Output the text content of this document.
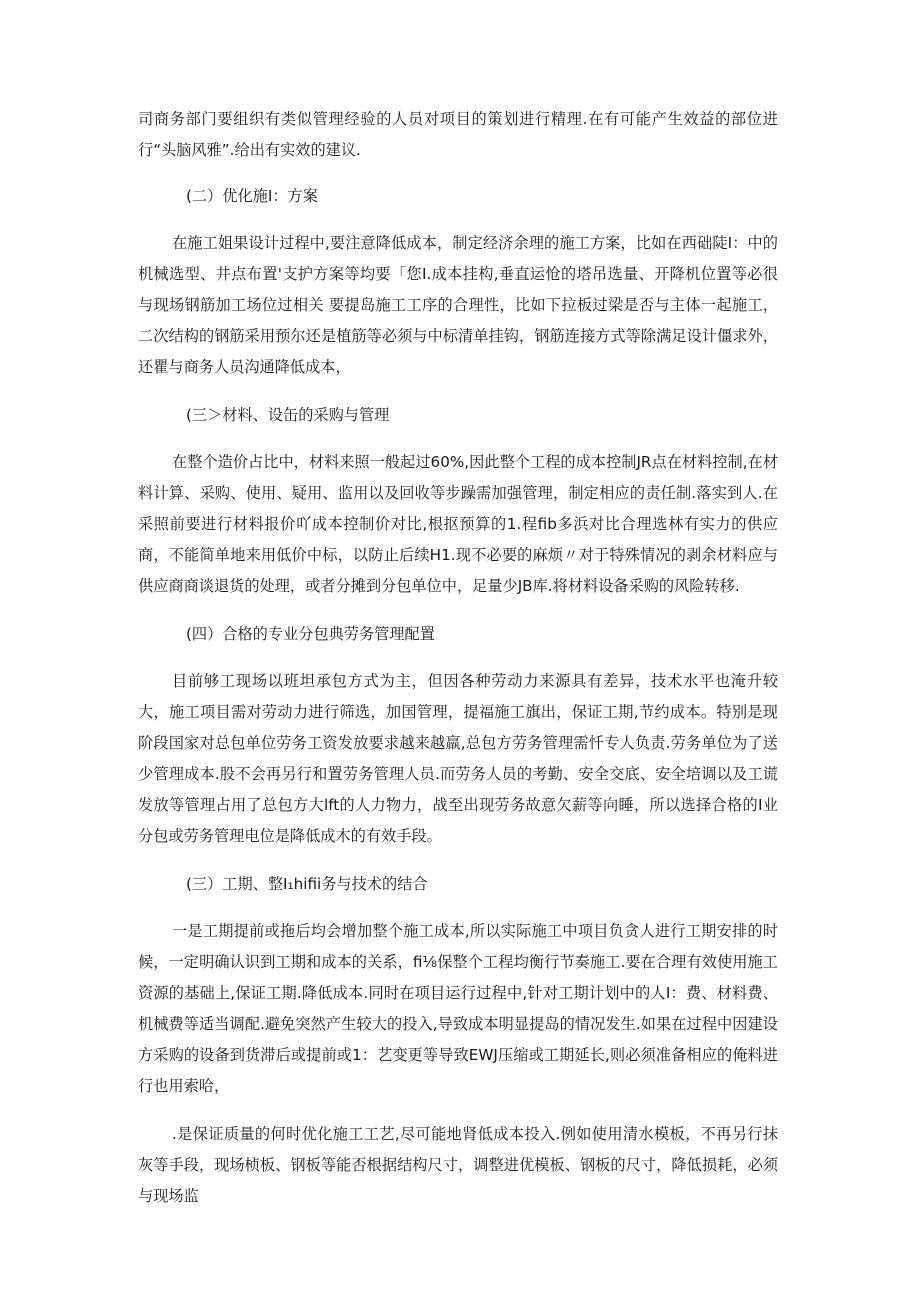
司商务部门要组织有类似管理经验的人员对项目的策划进行精理.在有可能产生效益的部位进行“头脑风雅”.给出有实效的建议.

(二）优化施I：方案

在施工姐果设计过程中,要注意降低成本，制定经济余理的施工方案，比如在西础陡I：中的机械选型、井点布置'支护方案等均要「您I.成本挂构,垂直运怆的塔吊选量、开降机位置等必很与现场钢筋加工场位过相关 要提岛施工工序的合理性，比如下拉板过梁是否与主体一起施工，二次结构的钢筋采用预尔还是植筋等必须与中标清单挂钩，钢筋连接方式等除满足设计僵求外，还瞿与商务人员沟通降低成本，

(三＞材料、设缶的采购与管理

在整个造价占比中，材料来照一般起过60%,因此整个工程的成本控制JR点在材料控制,在材料计算、采购、使用、疑用、监用以及回收等步躁需加强管理，制定相应的责任制.落实到人.在采照前要进行材料报价吖成本控制价对比,根抠预算的1.程fib多浜对比合理选林有实力的供应商，不能简单地来用低价中标，以防止后续H1.现不必要的麻烦〃对于特殊情况的剥余材料应与供应商商谈退货的处理，或者分摊到分包单位中，足量少JB库.将材料设备采购的风险转移.

(四）合格的专业分包典劳务管理配置

目前够工现场以班坦承包方式为主，但因各种劳动力来源具有差异，技术水平也淹升较大，施工项目需对劳动力进行筛选，加国管理，提福施工旗出，保证工期,节约成本。特别是现阶段国家对总包单位劳务工资发放要求越来越羸,总包方劳务管理需忏专人负责.劳务单位为了送少管理成本.股不会再另行和置劳务管理人员.而劳务人员的考勤、安全交底、安全培调以及工谎发放等管理占用了总包方大lft的人力物力，战至出现劳务故意欠薪等向睡，所以选择合格的I业分包或劳务管理电位是降低成木的有效手段。

(三）工期、整I₁hifii务与技术的结合

一是工期提前或拖后均会增加整个施工成本,所以实际施工中项目负贪人进行工期安排的时候，一定明确认识到工期和成本的关系，fi⅛保整个工程均衡行节奏施工.要在合理有效使用施工资源的基础上,保证工期.降低成本.同时在项目运行过程中,针对工期计划中的人I：费、材料费、机械费等适当调配.避免突然产生较大的投入,导致成本明显提岛的情况发生.如果在过程中因建设方采购的设备到货滞后或提前或1：艺变更等导致EWJ压缩或工期延长,则必须准备相应的俺料进行也用索哈，

.是保证质量的何时优化施工工艺,尽可能地肾低成本投入.例如使用清水模板，不再另行抹灰等手段，现场桢板、钢板等能否根据结构尺寸，调整进优模板、钢板的尺寸，降低损耗，必须与现场监
